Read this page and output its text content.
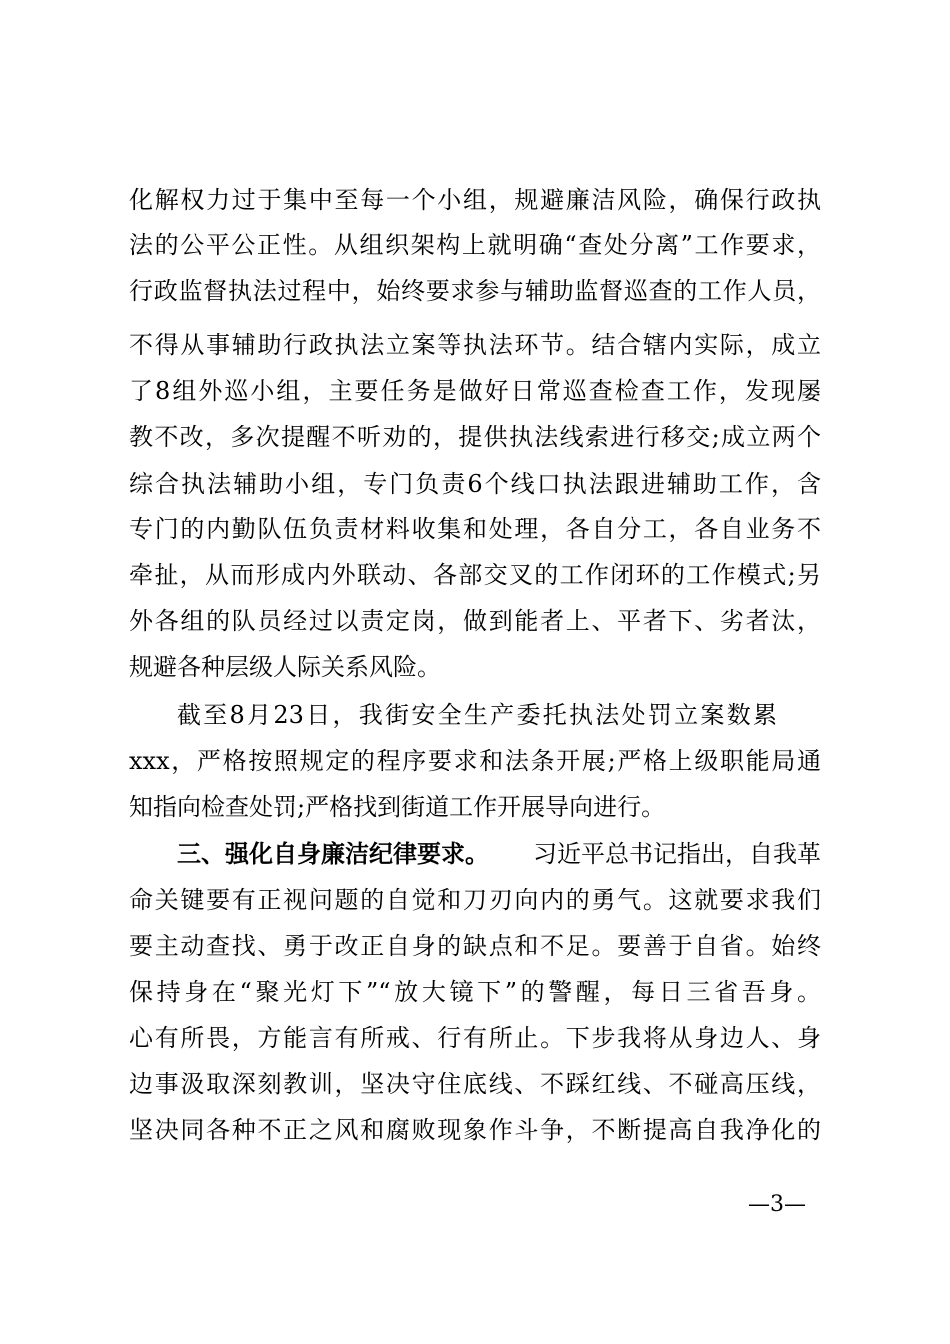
化解权力过于集中至每一个小组，规避廉洁风险，确保行政执
法的公平公正性。从组织架构上就明确“查处分离”工作要求，
行政监督执法过程中，始终要求参与辅助监督巡查的工作人员，
不得从事辅助行政执法立案等执法环节。结合辖内实际，成立
了8组外巡小组，主要任务是做好日常巡查检查工作，发现屡
教不改，多次提醒不听劝的，提供执法线索进行移交;成立两个
综合执法辅助小组，专门负责6个线口执法跟进辅助工作，含
专门的内勤队伍负责材料收集和处理，各自分工，各自业务不
牵扯，从而形成内外联动、各部交叉的工作闭环的工作模式;另
外各组的队员经过以责定岗，做到能者上、平者下、劣者汰，
规避各种层级人际关系风险。
截至8月23日，我街安全生产委托执法处罚立案数累
xxx，严格按照规定的程序要求和法条开展;严格上级职能局通
知指向检查处罚;严格找到街道工作开展导向进行。
三、强化自身廉洁纪律要求。 习近平总书记指出，自我革
命关键要有正视问题的自觉和刀刃向内的勇气。这就要求我们
要主动查找、勇于改正自身的缺点和不足。要善于自省。始终
保持身在“聚光灯下”“放大镜下”的警醒，每日三省吾身。
心有所畏，方能言有所戒、行有所止。下步我将从身边人、身
边事汲取深刻教训，坚决守住底线、不踩红线、不碰高压线，
坚决同各种不正之风和腐败现象作斗争，不断提高自我净化的
—3—
